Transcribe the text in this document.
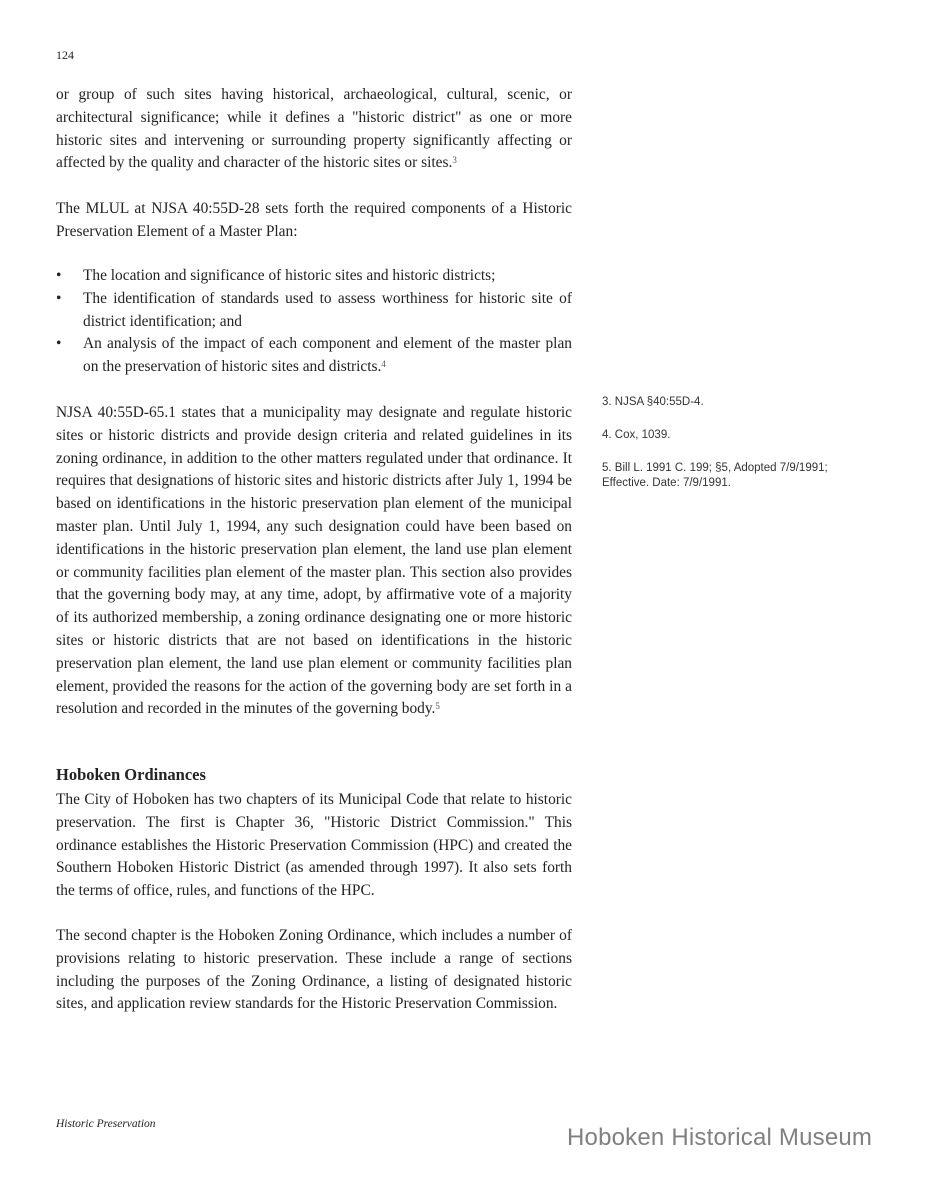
124

or group of such sites having historical, archaeological, cultural, scenic, or architectural significance; while it defines a "historic district" as one or more historic sites and intervening or surrounding property significantly affecting or affected by the quality and character of the historic sites or sites.$^3$

The MLUL at NJSA 40:55D-28 sets forth the required components of a Historic Preservation Element of a Master Plan:

• The location and significance of historic sites and historic districts;
• The identification of standards used to assess worthiness for historic site of district identification; and
• An analysis of the impact of each component and element of the master plan on the preservation of historic sites and districts.$^4$

NJSA 40:55D-65.1 states that a municipality may designate and regulate historic sites or historic districts and provide design criteria and related guidelines in its zoning ordinance, in addition to the other matters regulated under that ordinance. It requires that designations of historic sites and historic districts after July 1, 1994 be based on identifications in the historic preservation plan element of the municipal master plan. Until July 1, 1994, any such designation could have been based on identifications in the historic preservation plan element, the land use plan element or community facilities plan element of the master plan. This section also provides that the governing body may, at any time, adopt, by affirmative vote of a majority of its authorized membership, a zoning ordinance designating one or more historic sites or historic districts that are not based on identifications in the historic preservation plan element, the land use plan element or community facilities plan element, provided the reasons for the action of the governing body are set forth in a resolution and recorded in the minutes of the governing body.$^5$

Hoboken Ordinances

The City of Hoboken has two chapters of its Municipal Code that relate to historic preservation. The first is Chapter 36, "Historic District Commission." This ordinance establishes the Historic Preservation Commission (HPC) and created the Southern Hoboken Historic District (as amended through 1997). It also sets forth the terms of office, rules, and functions of the HPC.

The second chapter is the Hoboken Zoning Ordinance, which includes a number of provisions relating to historic preservation. These include a range of sections including the purposes of the Zoning Ordinance, a listing of designated historic sites, and application review standards for the Historic Preservation Commission.

3. NJSA §40:55D-4.

4. Cox, 1039.

5. Bill L. 1991 C. 199; §5, Adopted 7/9/1991; Effective. Date: 7/9/1991.

Historic Preservation	Hoboken Historical Museum
